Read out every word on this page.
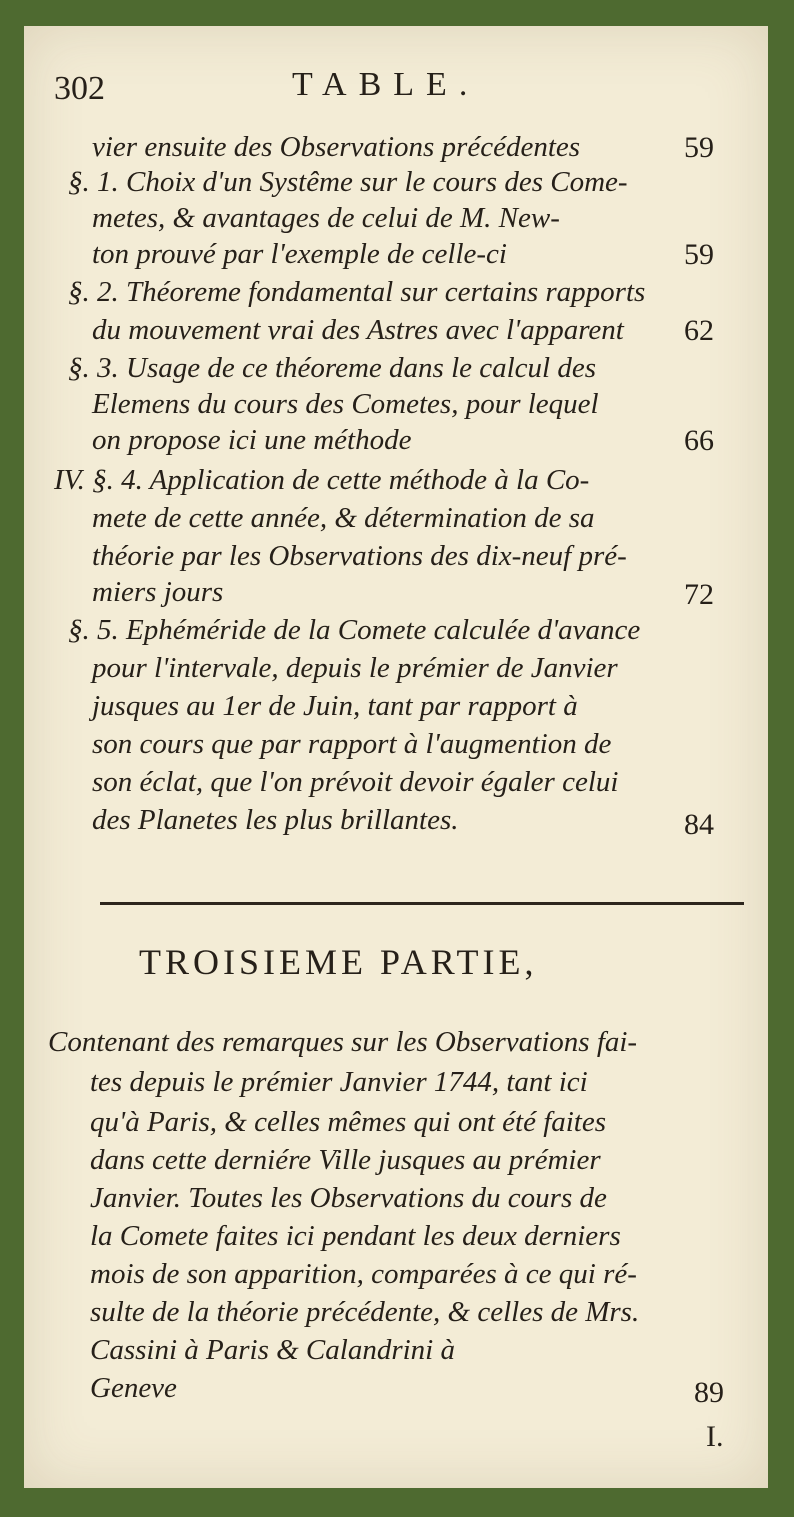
302	TABLE.
vier ensuite des Observations précédentes	59
§. 1. Choix d'un Systême sur le cours des Come-
metes, & avantages de celui de M. New-
ton prouvé par l'exemple de celle-ci	59
§. 2. Théoreme fondamental sur certains rapports
du mouvement vrai des Astres avec l'apparent 62
§. 3. Usage de ce théoreme dans le calcul des
Elemens du cours des Cometes, pour lequel
on propose ici une méthode	66
IV. §. 4. Application de cette méthode à la Co-
mete de cette année, & détermination de sa
théorie par les Observations des dix-neuf pré-
miers jours	72
§. 5. Ephéméride de la Comete calculée d'avance
pour l'intervale, depuis le prémier de Janvier
jusques au 1er de Juin, tant par rapport à
son cours que par rapport à l'augmention de
son éclat, que l'on prévoit devoir égaler celui
des Planetes les plus brillantes.	84
TROISIEME PARTIE,
Contenant des remarques sur les Observations fai-
tes depuis le prémier Janvier 1744, tant ici
qu'à Paris, & celles mêmes qui ont été faites
dans cette derniére Ville jusques au prémier
Janvier. Toutes les Observations du cours de
la Comete faites ici pendant les deux derniers
mois de son apparition, comparées à ce qui ré-
sulte de la théorie précédente, & celles de Mrs.
Cassini à Paris & Calandrini à
Geneve	89
I.
